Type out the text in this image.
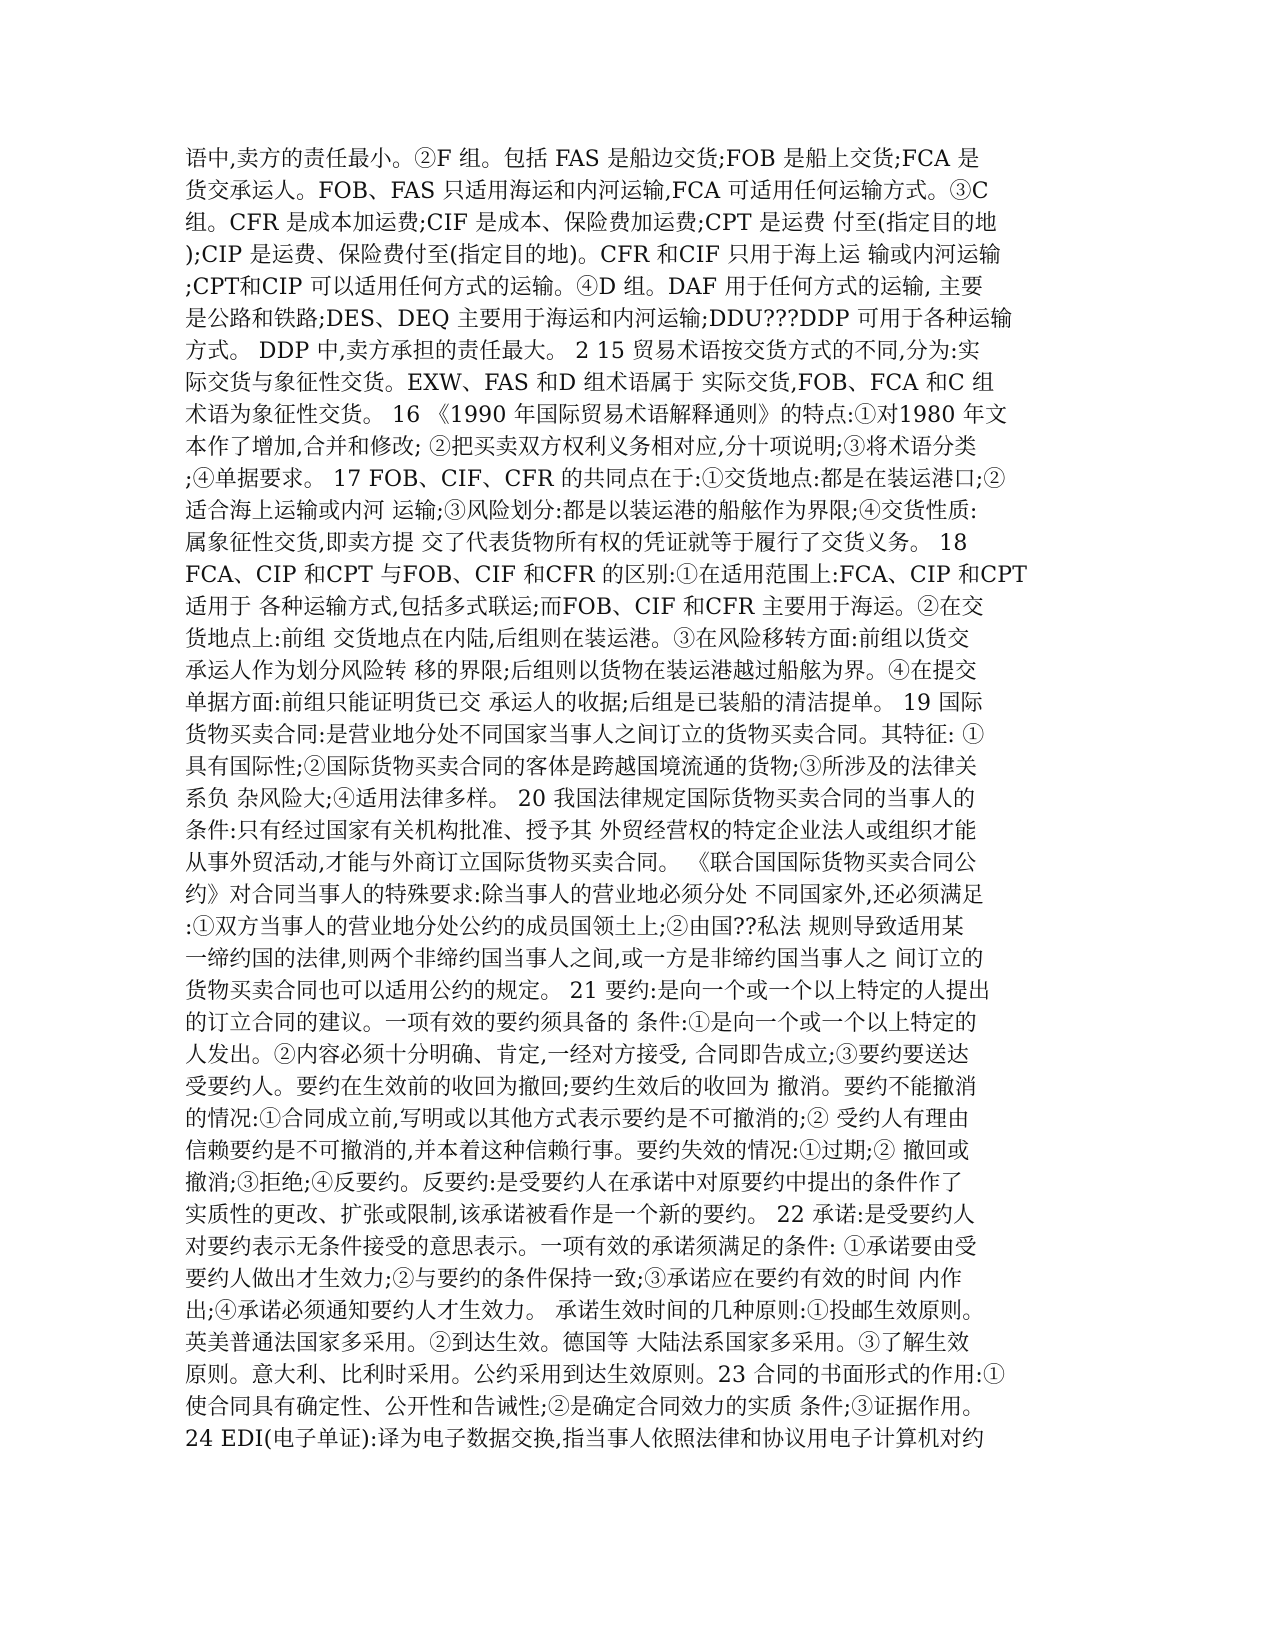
语中,卖方的责任最小。②F 组。包括 FAS 是船边交货;FOB 是船上交货;FCA 是
货交承运人。FOB、FAS 只适用海运和内河运输,FCA 可适用任何运输方式。③C
组。CFR 是成本加运费;CIF 是成本、保险费加运费;CPT 是运费 付至(指定目的地
);CIP 是运费、保险费付至(指定目的地)。CFR 和CIF 只用于海上运 输或内河运输
;CPT和CIP 可以适用任何方式的运输。④D 组。DAF 用于任何方式的运输, 主要
是公路和铁路;DES、DEQ 主要用于海运和内河运输;DDU???DDP 可用于各种运输
方式。 DDP 中,卖方承担的责任最大。 2 15 贸易术语按交货方式的不同,分为:实
际交货与象征性交货。EXW、FAS 和D 组术语属于 实际交货,FOB、FCA 和C 组
术语为象征性交货。 16 《1990 年国际贸易术语解释通则》的特点:①对1980 年文
本作了增加,合并和修改; ②把买卖双方权利义务相对应,分十项说明;③将术语分类
;④单据要求。 17 FOB、CIF、CFR 的共同点在于:①交货地点:都是在装运港口;②
适合海上运输或内河 运输;③风险划分:都是以装运港的船舷作为界限;④交货性质:
属象征性交货,即卖方提 交了代表货物所有权的凭证就等于履行了交货义务。 18
FCA、CIP 和CPT 与FOB、CIF 和CFR 的区别:①在适用范围上:FCA、CIP 和CPT
适用于 各种运输方式,包括多式联运;而FOB、CIF 和CFR 主要用于海运。②在交
货地点上:前组 交货地点在内陆,后组则在装运港。③在风险移转方面:前组以货交
承运人作为划分风险转 移的界限;后组则以货物在装运港越过船舷为界。④在提交
单据方面:前组只能证明货已交 承运人的收据;后组是已装船的清洁提单。 19 国际
货物买卖合同:是营业地分处不同国家当事人之间订立的货物买卖合同。其特征: ①
具有国际性;②国际货物买卖合同的客体是跨越国境流通的货物;③所涉及的法律关
系负 杂风险大;④适用法律多样。 20 我国法律规定国际货物买卖合同的当事人的
条件:只有经过国家有关机构批准、授予其 外贸经营权的特定企业法人或组织才能
从事外贸活动,才能与外商订立国际货物买卖合同。 《联合国国际货物买卖合同公
约》对合同当事人的特殊要求:除当事人的营业地必须分处 不同国家外,还必须满足
:①双方当事人的营业地分处公约的成员国领土上;②由国??私法 规则导致适用某
一缔约国的法律,则两个非缔约国当事人之间,或一方是非缔约国当事人之 间订立的
货物买卖合同也可以适用公约的规定。 21 要约:是向一个或一个以上特定的人提出
的订立合同的建议。一项有效的要约须具备的 条件:①是向一个或一个以上特定的
人发出。②内容必须十分明确、肯定,一经对方接受, 合同即告成立;③要约要送达
受要约人。要约在生效前的收回为撤回;要约生效后的收回为 撤消。要约不能撤消
的情况:①合同成立前,写明或以其他方式表示要约是不可撤消的;② 受约人有理由
信赖要约是不可撤消的,并本着这种信赖行事。要约失效的情况:①过期;② 撤回或
撤消;③拒绝;④反要约。反要约:是受要约人在承诺中对原要约中提出的条件作了
实质性的更改、扩张或限制,该承诺被看作是一个新的要约。 22 承诺:是受要约人
对要约表示无条件接受的意思表示。一项有效的承诺须满足的条件: ①承诺要由受
要约人做出才生效力;②与要约的条件保持一致;③承诺应在要约有效的时间 内作
出;④承诺必须通知要约人才生效力。 承诺生效时间的几种原则:①投邮生效原则。
英美普通法国家多采用。②到达生效。德国等 大陆法系国家多采用。③了解生效
原则。意大利、比利时采用。公约采用到达生效原则。23 合同的书面形式的作用:①
使合同具有确定性、公开性和告诫性;②是确定合同效力的实质 条件;③证据作用。
24 EDI(电子单证):译为电子数据交换,指当事人依照法律和协议用电子计算机对约
